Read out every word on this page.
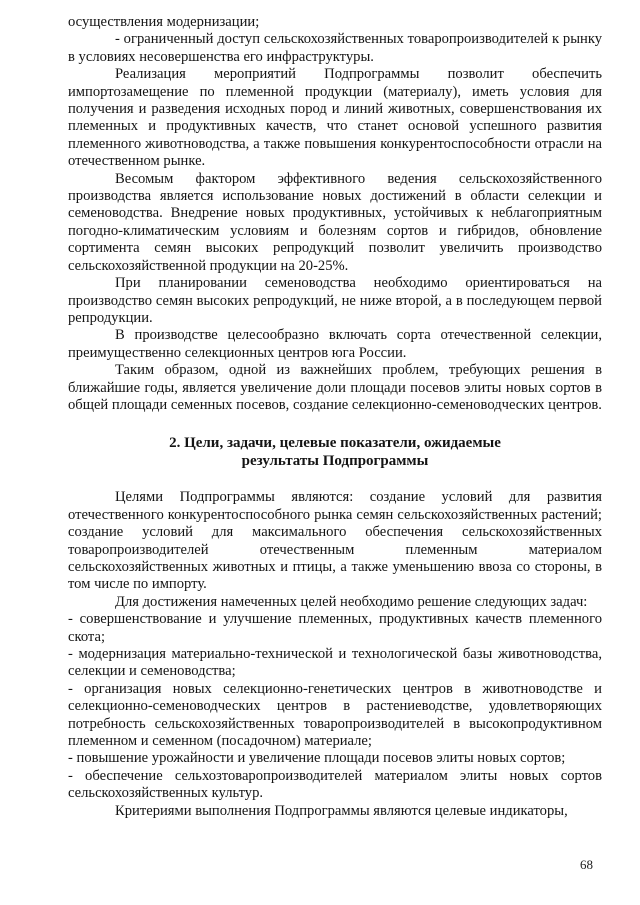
осуществления модернизации;

- ограниченный доступ сельскохозяйственных товаропроизводителей к рынку в условиях несовершенства его инфраструктуры.

Реализация мероприятий Подпрограммы позволит обеспечить импортозамещение по племенной продукции (материалу), иметь условия для получения и разведения исходных пород и линий животных, совершенствования их племенных и продуктивных качеств, что станет основой успешного развития племенного животноводства, а также повышения конкурентоспособности отрасли на отечественном рынке.

Весомым фактором эффективного ведения сельскохозяйственного производства является использование новых достижений в области селекции и семеноводства. Внедрение новых продуктивных, устойчивых к неблагоприятным погодно-климатическим условиям и болезням сортов и гибридов, обновление сортимента семян высоких репродукций позволит увеличить производство сельскохозяйственной продукции на 20-25%.

При планировании семеноводства необходимо ориентироваться на производство семян высоких репродукций, не ниже второй, а в последующем первой репродукции.

В производстве целесообразно включать сорта отечественной селекции, преимущественно селекционных центров юга России.

Таким образом, одной из важнейших проблем, требующих решения в ближайшие годы, является увеличение доли площади посевов элиты новых сортов в общей площади семенных посевов, создание селекционно-семеноводческих центров.

2. Цели, задачи, целевые показатели, ожидаемые
результаты Подпрограммы

Целями Подпрограммы являются: создание условий для развития отечественного конкурентоспособного рынка семян сельскохозяйственных растений; создание условий для максимального обеспечения сельскохозяйственных товаропроизводителей отечественным племенным материалом сельскохозяйственных животных и птицы, а также уменьшению ввоза со стороны, в том числе по импорту.

Для достижения намеченных целей необходимо решение следующих задач:

- совершенствование и улучшение племенных, продуктивных качеств племенного скота;

- модернизация материально-технической и технологической базы животноводства, селекции и семеноводства;

- организация новых селекционно-генетических центров в животноводстве и селекционно-семеноводческих центров в растениеводстве, удовлетворяющих потребность сельскохозяйственных товаропроизводителей в высокопродуктивном племенном и семенном (посадочном) материале;

- повышение урожайности и увеличение площади посевов элиты новых сортов;

- обеспечение сельхозтоваропроизводителей материалом элиты новых сортов сельскохозяйственных культур.

Критериями выполнения Подпрограммы являются целевые индикаторы,

68
